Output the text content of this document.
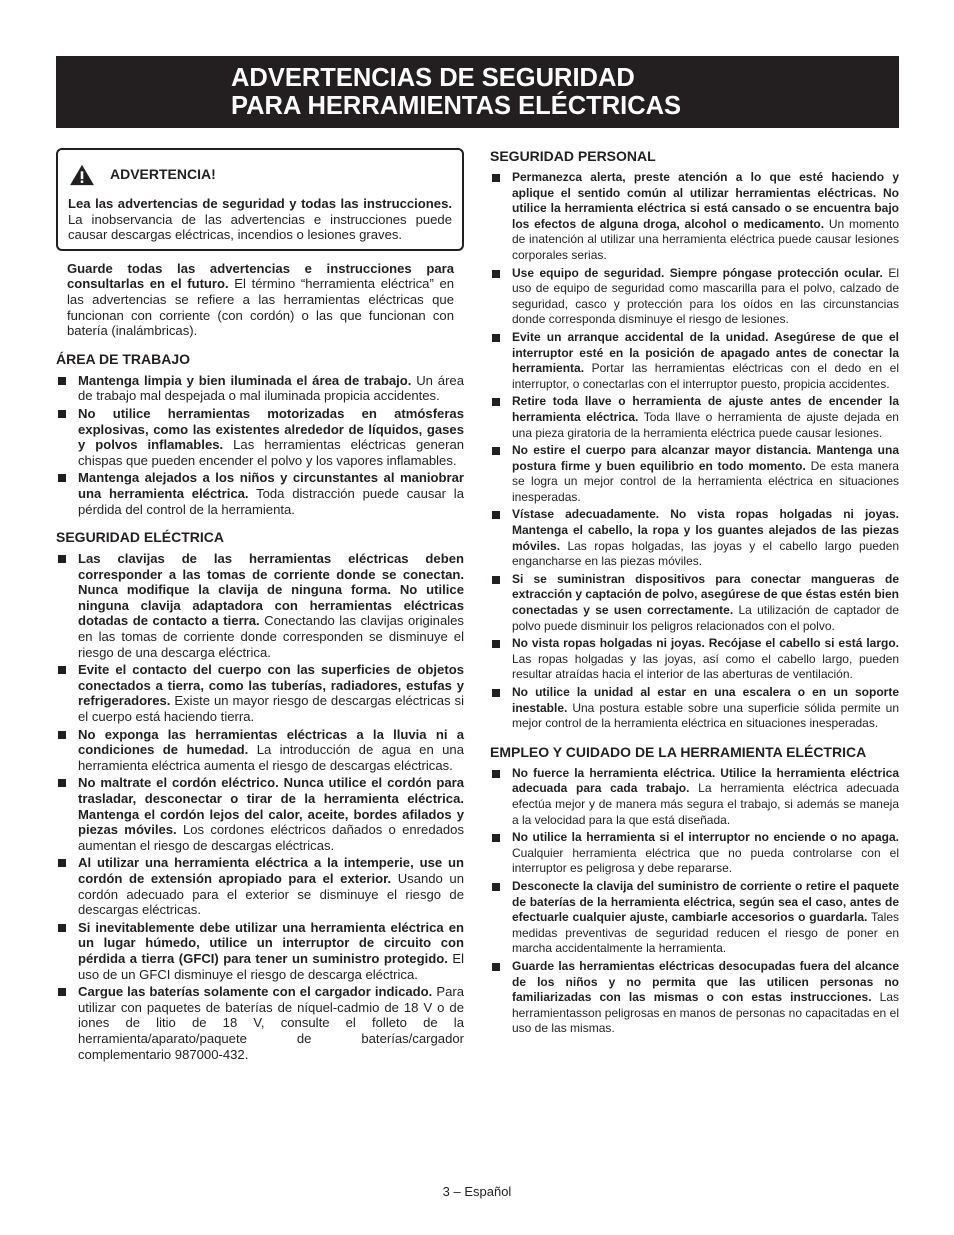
ADVERTENCIAS DE SEGURIDAD
PARA HERRAMIENTAS ELÉCTRICAS
ADVERTENCIA!

Lea las advertencias de seguridad y todas las instrucciones. La inobservancia de las advertencias e instrucciones puede causar descargas eléctricas, incendios o lesiones graves.

Guarde todas las advertencias e instrucciones para consultarlas en el futuro. El término “herramienta eléctrica” en las advertencias se refiere a las herramientas eléctricas que funcionan con corriente (con cordón) o las que funcionan con batería (inalámbricas).

ÁREA DE TRABAJO
Mantenga limpia y bien iluminada el área de trabajo. Un área de trabajo mal despejada o mal iluminada propicia accidentes.
No utilice herramientas motorizadas en atmósferas explosivas, como las existentes alrededor de líquidos, gases y polvos inflamables. Las herramientas eléctricas generan chispas que pueden encender el polvo y los vapores inflamables.
Mantenga alejados a los niños y circunstantes al maniobrar una herramienta eléctrica. Toda distracción puede causar la pérdida del control de la herramienta.
SEGURIDAD ELÉCTRICA
Las clavijas de las herramientas eléctricas deben corresponder a las tomas de corriente donde se conectan. Nunca modifique la clavija de ninguna forma. No utilice ninguna clavija adaptadora con herramientas eléctricas dotadas de contacto a tierra. Conectando las clavijas originales en las tomas de corriente donde corresponden se disminuye el riesgo de una descarga eléctrica.
Evite el contacto del cuerpo con las superficies de objetos conectados a tierra, como las tuberías, radiadores, estufas y refrigeradores. Existe un mayor riesgo de descargas eléctricas si el cuerpo está haciendo tierra.
No exponga las herramientas eléctricas a la lluvia ni a condiciones de humedad. La introducción de agua en una herramienta eléctrica aumenta el riesgo de descargas eléctricas.
No maltrate el cordón eléctrico. Nunca utilice el cordón para trasladar, desconectar o tirar de la herramienta eléctrica. Mantenga el cordón lejos del calor, aceite, bordes afilados y piezas móviles. Los cordones eléctricos dañados o enredados aumentan el riesgo de descargas eléctricas.
Al utilizar una herramienta eléctrica a la intemperie, use un cordón de extensión apropiado para el exterior. Usando un cordón adecuado para el exterior se disminuye el riesgo de descargas eléctricas.
Si inevitablemente debe utilizar una herramienta eléctrica en un lugar húmedo, utilice un interruptor de circuito con pérdida a tierra (GFCI) para tener un suministro protegido. El uso de un GFCI disminuye el riesgo de descarga eléctrica.
Cargue las baterías solamente con el cargador indicado. Para utilizar con paquetes de baterías de níquel-cadmio de 18 V o de iones de litio de 18 V, consulte el folleto de la herramienta/aparato/paquete de baterías/cargador complementario 987000-432.
SEGURIDAD PERSONAL
Permanezca alerta, preste atención a lo que esté haciendo y aplique el sentido común al utilizar herramientas eléctricas. No utilice la herramienta eléctrica si está cansado o se encuentra bajo los efectos de alguna droga, alcohol o medicamento. Un momento de inatención al utilizar una herramienta eléctrica puede causar lesiones corporales serias.
Use equipo de seguridad. Siempre póngase protección ocular. El uso de equipo de seguridad como mascarilla para el polvo, calzado de seguridad, casco y protección para los oídos en las circunstancias donde corresponda disminuye el riesgo de lesiones.
Evite un arranque accidental de la unidad. Asegúrese de que el interruptor esté en la posición de apagado antes de conectar la herramienta. Portar las herramientas eléctricas con el dedo en el interruptor, o conectarlas con el interruptor puesto, propicia accidentes.
Retire toda llave o herramienta de ajuste antes de encender la herramienta eléctrica. Toda llave o herramienta de ajuste dejada en una pieza giratoria de la herramienta eléctrica puede causar lesiones.
No estire el cuerpo para alcanzar mayor distancia. Mantenga una postura firme y buen equilibrio en todo momento. De esta manera se logra un mejor control de la herramienta eléctrica en situaciones inesperadas.
Vístase adecuadamente. No vista ropas holgadas ni joyas. Mantenga el cabello, la ropa y los guantes alejados de las piezas móviles. Las ropas holgadas, las joyas y el cabello largo pueden engancharse en las piezas móviles.
Si se suministran dispositivos para conectar mangueras de extracción y captación de polvo, asegúrese de que éstas estén bien conectadas y se usen correctamente. La utilización de captador de polvo puede disminuir los peligros relacionados con el polvo.
No vista ropas holgadas ni joyas. Recójase el cabello si está largo. Las ropas holgadas y las joyas, así como el cabello largo, pueden resultar atraídas hacia el interior de las aberturas de ventilación.
No utilice la unidad al estar en una escalera o en un soporte inestable. Una postura estable sobre una superficie sólida permite un mejor control de la herramienta eléctrica en situaciones inesperadas.
EMPLEO Y CUIDADO DE LA HERRAMIENTA ELÉCTRICA
No fuerce la herramienta eléctrica. Utilice la herramienta eléctrica adecuada para cada trabajo. La herramienta eléctrica adecuada efectúa mejor y de manera más segura el trabajo, si además se maneja a la velocidad para la que está diseñada.
No utilice la herramienta si el interruptor no enciende o no apaga. Cualquier herramienta eléctrica que no pueda controlarse con el interruptor es peligrosa y debe repararse.
Desconecte la clavija del suministro de corriente o retire el paquete de baterías de la herramienta eléctrica, según sea el caso, antes de efectuarle cualquier ajuste, cambiarle accesorios o guardarla. Tales medidas preventivas de seguridad reducen el riesgo de poner en marcha accidentalmente la herramienta.
Guarde las herramientas eléctricas desocupadas fuera del alcance de los niños y no permita que las utilicen personas no familiarizadas con las mismas o con estas instrucciones. Las herramientasson peligrosas en manos de personas no capacitadas en el uso de las mismas.
3 – Español
